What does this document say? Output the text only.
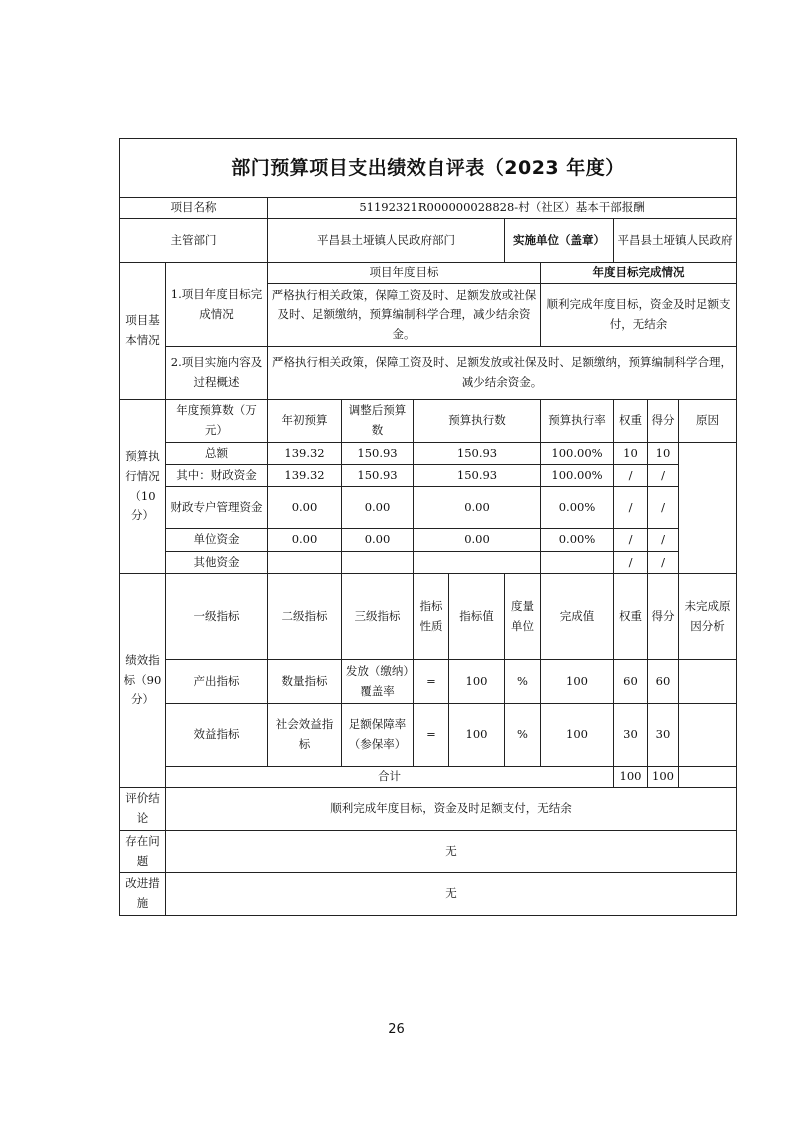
部门预算项目支出绩效自评表（2023 年度）										
项目名称		51192321R000000028828-村（社区）基本干部报酬								
主管部门		平昌县土垭镇人民政府部门				实施单位（盖章）		平昌县土垭镇人民政府		
项目基本情况	1.项目年度目标完成情况	项目年度目标					年度目标完成情况			
		严格执行相关政策，保障工资及时、足额发放或社保及时、足额缴纳，预算编制科学合理，减少结余资金。					顺利完成年度目标，资金及时足额支付，无结余			
	2.项目实施内容及过程概述	严格执行相关政策，保障工资及时、足额发放或社保及时、足额缴纳，预算编制科学合理，减少结余资金。								
预算执行情况（10分）	年度预算数（万元）	年初预算	调整后预算数	预算执行数			预算执行率	权重	得分	原因
	总额	139.32	150.93	150.93			100.00%	10	10	
	其中：财政资金	139.32	150.93	150.93			100.00%	/	/	
	财政专户管理资金	0.00	0.00	0.00			0.00%	/	/	
	单位资金	0.00	0.00	0.00			0.00%	/	/	
	其他资金							/	/	
绩效指标（90分）	一级指标	二级指标	三级指标	指标性质	指标值	度量单位	完成值	权重	得分	未完成原因分析
	产出指标	数量指标	发放（缴纳）覆盖率	=	100	%	100	60	60	
	效益指标	社会效益指标	足额保障率（参保率）	=	100	%	100	30	30	
	合计							100	100	
评价结论	顺利完成年度目标，资金及时足额支付，无结余									
存在问题	无									
改进措施	无									
26
